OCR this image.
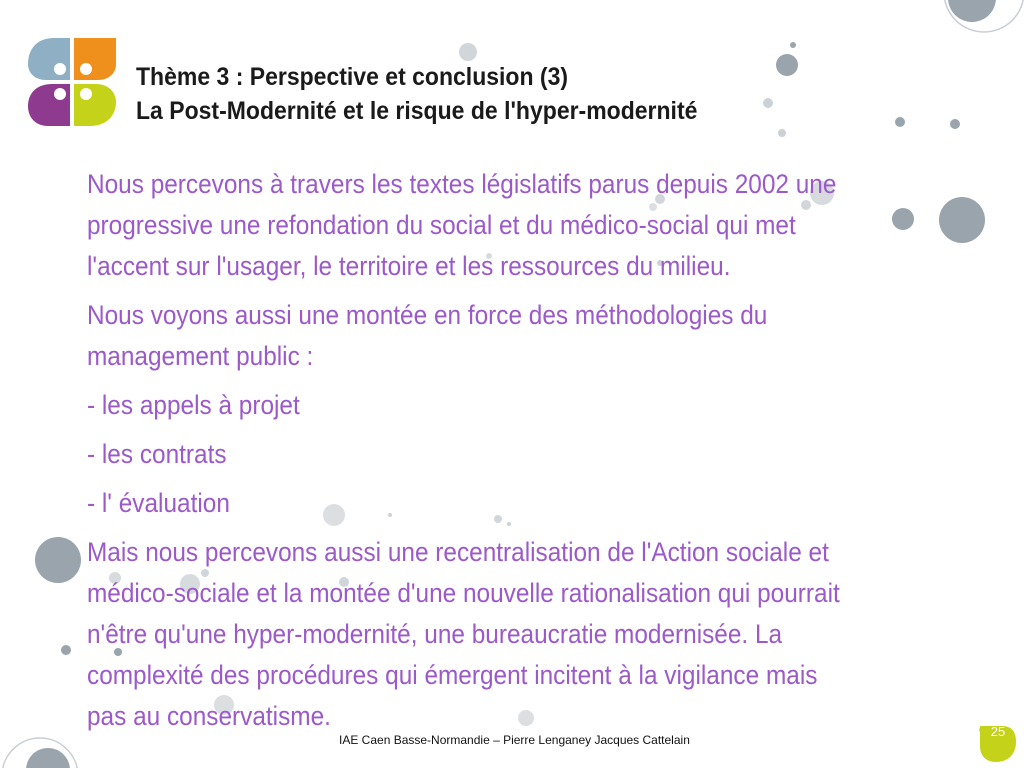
Thème 3 : Perspective et conclusion (3)
La Post-Modernité et le risque de l'hyper-modernité

Nous percevons à travers les textes législatifs parus depuis 2002 une

progressive une refondation du social et du médico-social qui met

l'accent sur l'usager, le territoire et les ressources du milieu.

Nous voyons aussi une montée en force des méthodologies du

management public :

- les appels à projet

- les contrats

- l' évaluation

Mais nous percevons aussi une recentralisation de l'Action sociale et

médico-sociale et la montée d'une nouvelle rationalisation qui pourrait

n'être qu'une hyper-modernité, une bureaucratie modernisée. La

complexité des procédures qui émergent incitent à la vigilance mais

pas au conservatisme.

IAE Caen Basse-Normandie – Pierre Lenganey Jacques Cattelain
25
